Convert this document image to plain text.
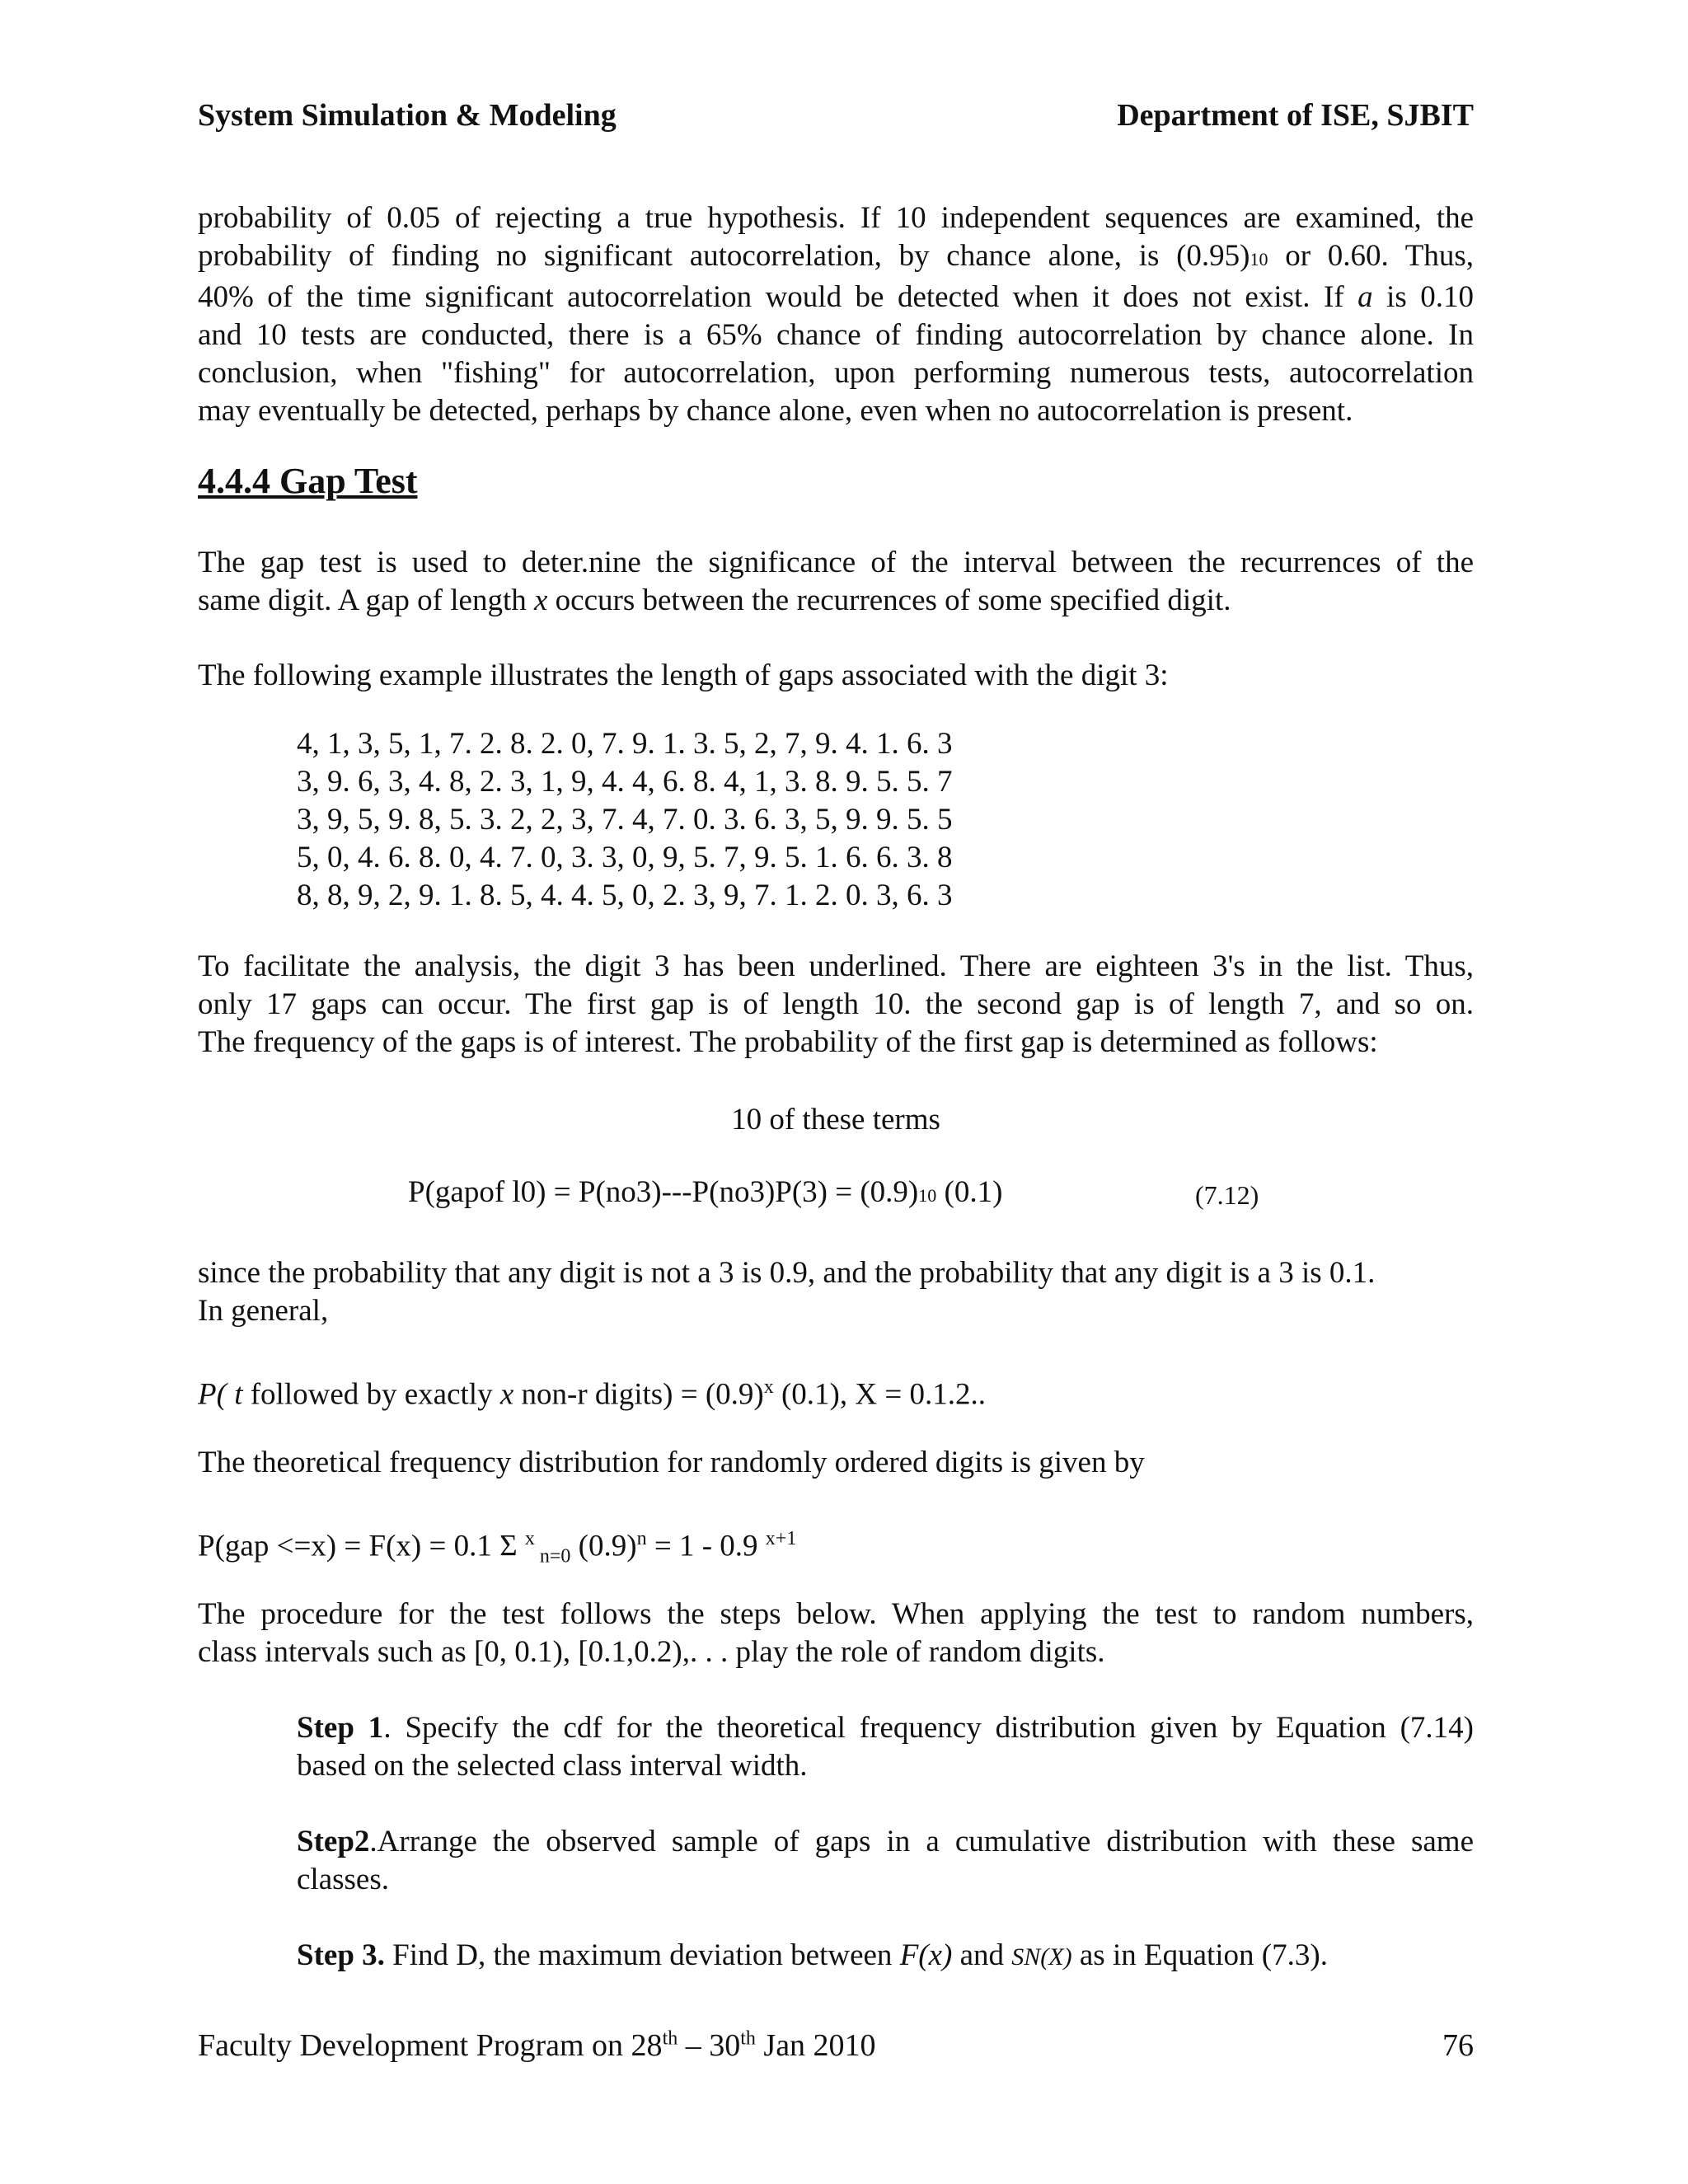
System Simulation & Modeling	Department of ISE, SJBIT
probability of 0.05 of rejecting a true hypothesis. If 10 independent sequences are examined, the
probability of finding no significant autocorrelation, by chance alone, is (0.95)10 or 0.60. Thus,
40% of the time significant autocorrelation would be detected when it does not exist. If a is 0.10
and 10 tests are conducted, there is a 65% chance of finding autocorrelation by chance alone. In
conclusion, when "fishing" for autocorrelation, upon performing numerous tests, autocorrelation
may eventually be detected, perhaps by chance alone, even when no autocorrelation is present.
4.4.4 Gap Test
The gap test is used to deter.nine the significance of the interval between the recurrences of the
same digit. A gap of length x occurs between the recurrences of some specified digit.
The following example illustrates the length of gaps associated with the digit 3:
4, 1, 3, 5, 1, 7. 2. 8. 2. 0, 7. 9. 1. 3. 5, 2, 7, 9. 4. 1. 6. 3
3, 9. 6, 3, 4. 8, 2. 3, 1, 9, 4. 4, 6. 8. 4, 1, 3. 8. 9. 5. 5. 7
3, 9, 5, 9. 8, 5. 3. 2, 2, 3, 7. 4, 7. 0. 3. 6. 3, 5, 9. 9. 5. 5
5, 0, 4. 6. 8. 0, 4. 7. 0, 3. 3, 0, 9, 5. 7, 9. 5. 1. 6. 6. 3. 8
8, 8, 9, 2, 9. 1. 8. 5, 4. 4. 5, 0, 2. 3, 9, 7. 1. 2. 0. 3, 6. 3
To facilitate the analysis, the digit 3 has been underlined. There are eighteen 3's in the list. Thus,
only 17 gaps can occur. The first gap is of length 10. the second gap is of length 7, and so on.
The frequency of the gaps is of interest. The probability of the first gap is determined as follows:
10 of these terms
P(gapof l0) = P(no3)---P(no3)P(3) = (0.9)10 (0.1)	(7.12)
since the probability that any digit is not a 3 is 0.9, and the probability that any digit is a 3 is 0.1.
In general,
P( t followed by exactly x non-r digits) = $(0.9)^x$ (0.1), X = 0.1.2..
The theoretical frequency distribution for randomly ordered digits is given by
P(gap <=x) = F(x) = 0.1 Σ $^x$ $_{n=0}$ $(0.9)^n = 1 - 0.9$ $^{x+1}$
The procedure for the test follows the steps below. When applying the test to random numbers,
class intervals such as [0, 0.1), [0.1,0.2),. . . play the role of random digits.
Step 1. Specify the cdf for the theoretical frequency distribution given by Equation (7.14)
based on the selected class interval width.
Step2.Arrange the observed sample of gaps in a cumulative distribution with these same
classes.
Step 3. Find D, the maximum deviation between F(x) and SN(X) as in Equation (7.3).
Faculty Development Program on 28th – 30th Jan 2010	76
